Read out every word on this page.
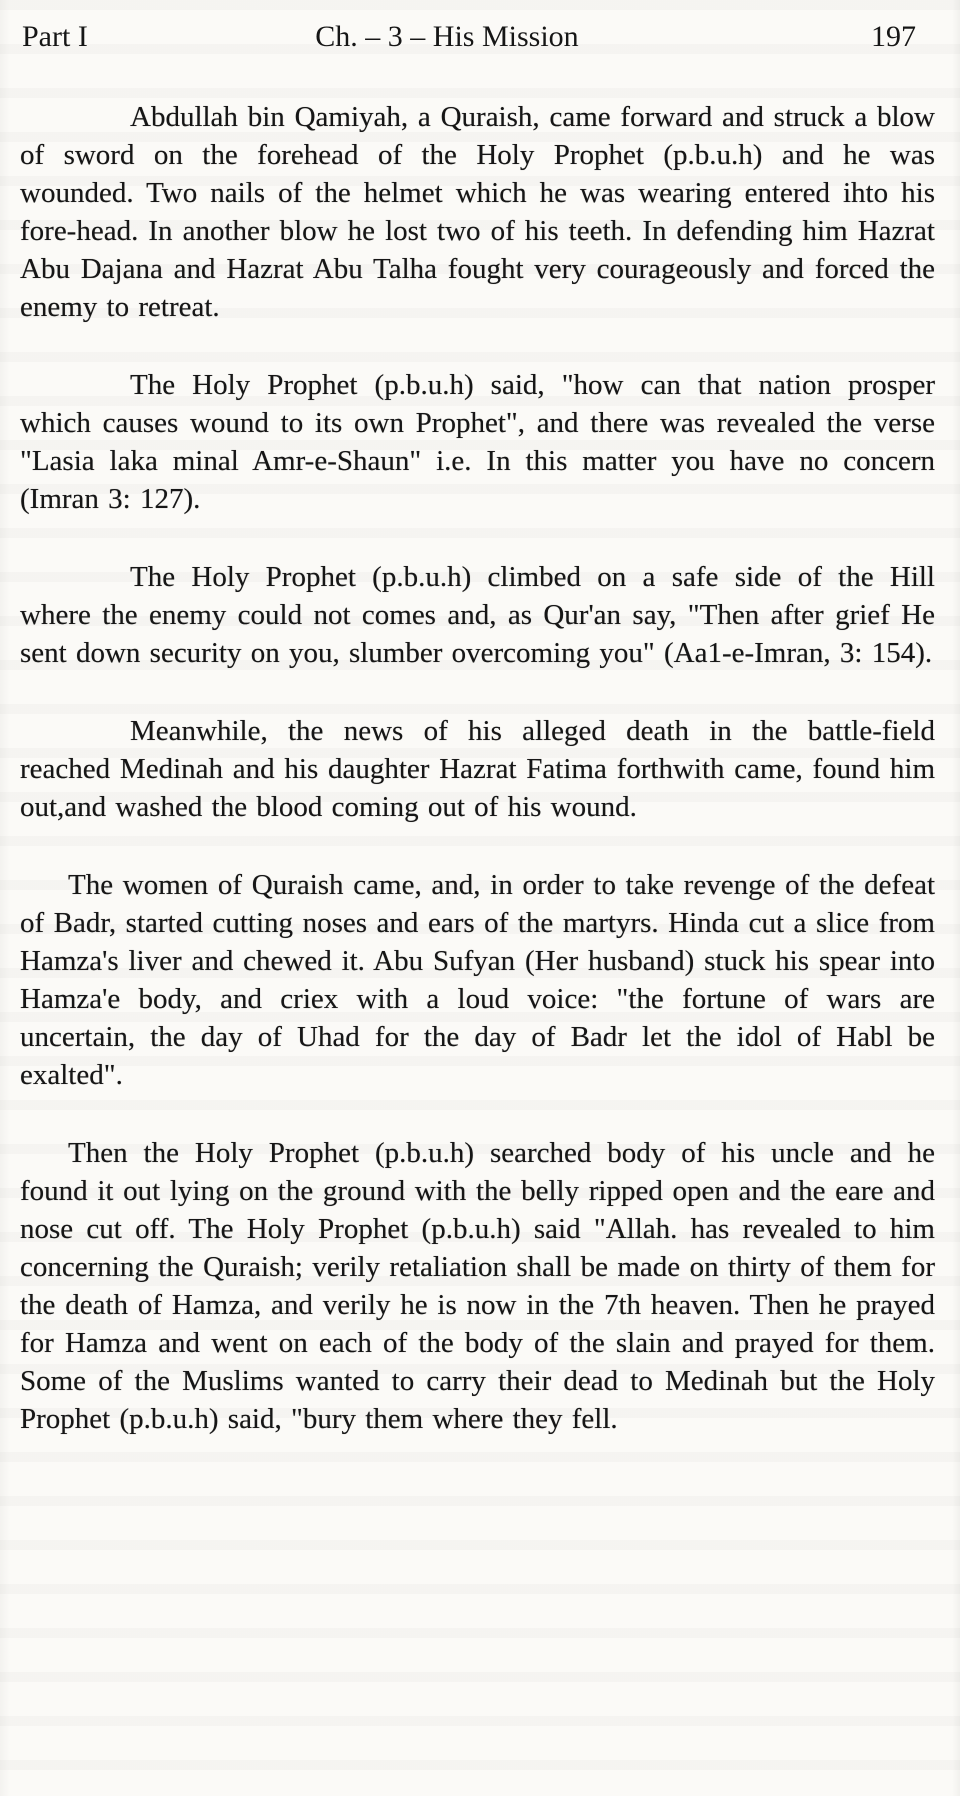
Part I	Ch. – 3 – His Mission	197

Abdullah bin Qamiyah, a Quraish, came forward and struck a blow of sword on the forehead of the Holy Prophet (p.b.u.h) and he was wounded. Two nails of the helmet which he was wearing entered ihto his fore-head. In another blow he lost two of his teeth. In defending him Hazrat Abu Dajana and Hazrat Abu Talha fought very courageously and forced the enemy to retreat.

The Holy Prophet (p.b.u.h) said, "how can that nation prosper which causes wound to its own Prophet", and there was revealed the verse "Lasia laka minal Amr-e-Shaun" i.e. In this matter you have no concern (Imran 3: 127).

The Holy Prophet (p.b.u.h) climbed on a safe side of the Hill where the enemy could not comes and, as Qur'an say, "Then after grief He sent down security on you, slumber overcoming you" (Aa1-e-Imran, 3: 154).

Meanwhile, the news of his alleged death in the battle-field reached Medinah and his daughter Hazrat Fatima forthwith came, found him out,and washed the blood coming out of his wound.

The women of Quraish came, and, in order to take revenge of the defeat of Badr, started cutting noses and ears of the martyrs. Hinda cut a slice from Hamza's liver and chewed it. Abu Sufyan (Her husband) stuck his spear into Hamza'e body, and criex with a loud voice: "the fortune of wars are uncertain, the day of Uhad for the day of Badr let the idol of Habl be exalted".

Then the Holy Prophet (p.b.u.h) searched body of his uncle and he found it out lying on the ground with the belly ripped open and the eare and nose cut off. The Holy Prophet (p.b.u.h) said "Allah. has revealed to him concerning the Quraish; verily retaliation shall be made on thirty of them for the death of Hamza, and verily he is now in the 7th heaven. Then he prayed for Hamza and went on each of the body of the slain and prayed for them. Some of the Muslims wanted to carry their dead to Medinah but the Holy Prophet (p.b.u.h) said, "bury them where they fell.
